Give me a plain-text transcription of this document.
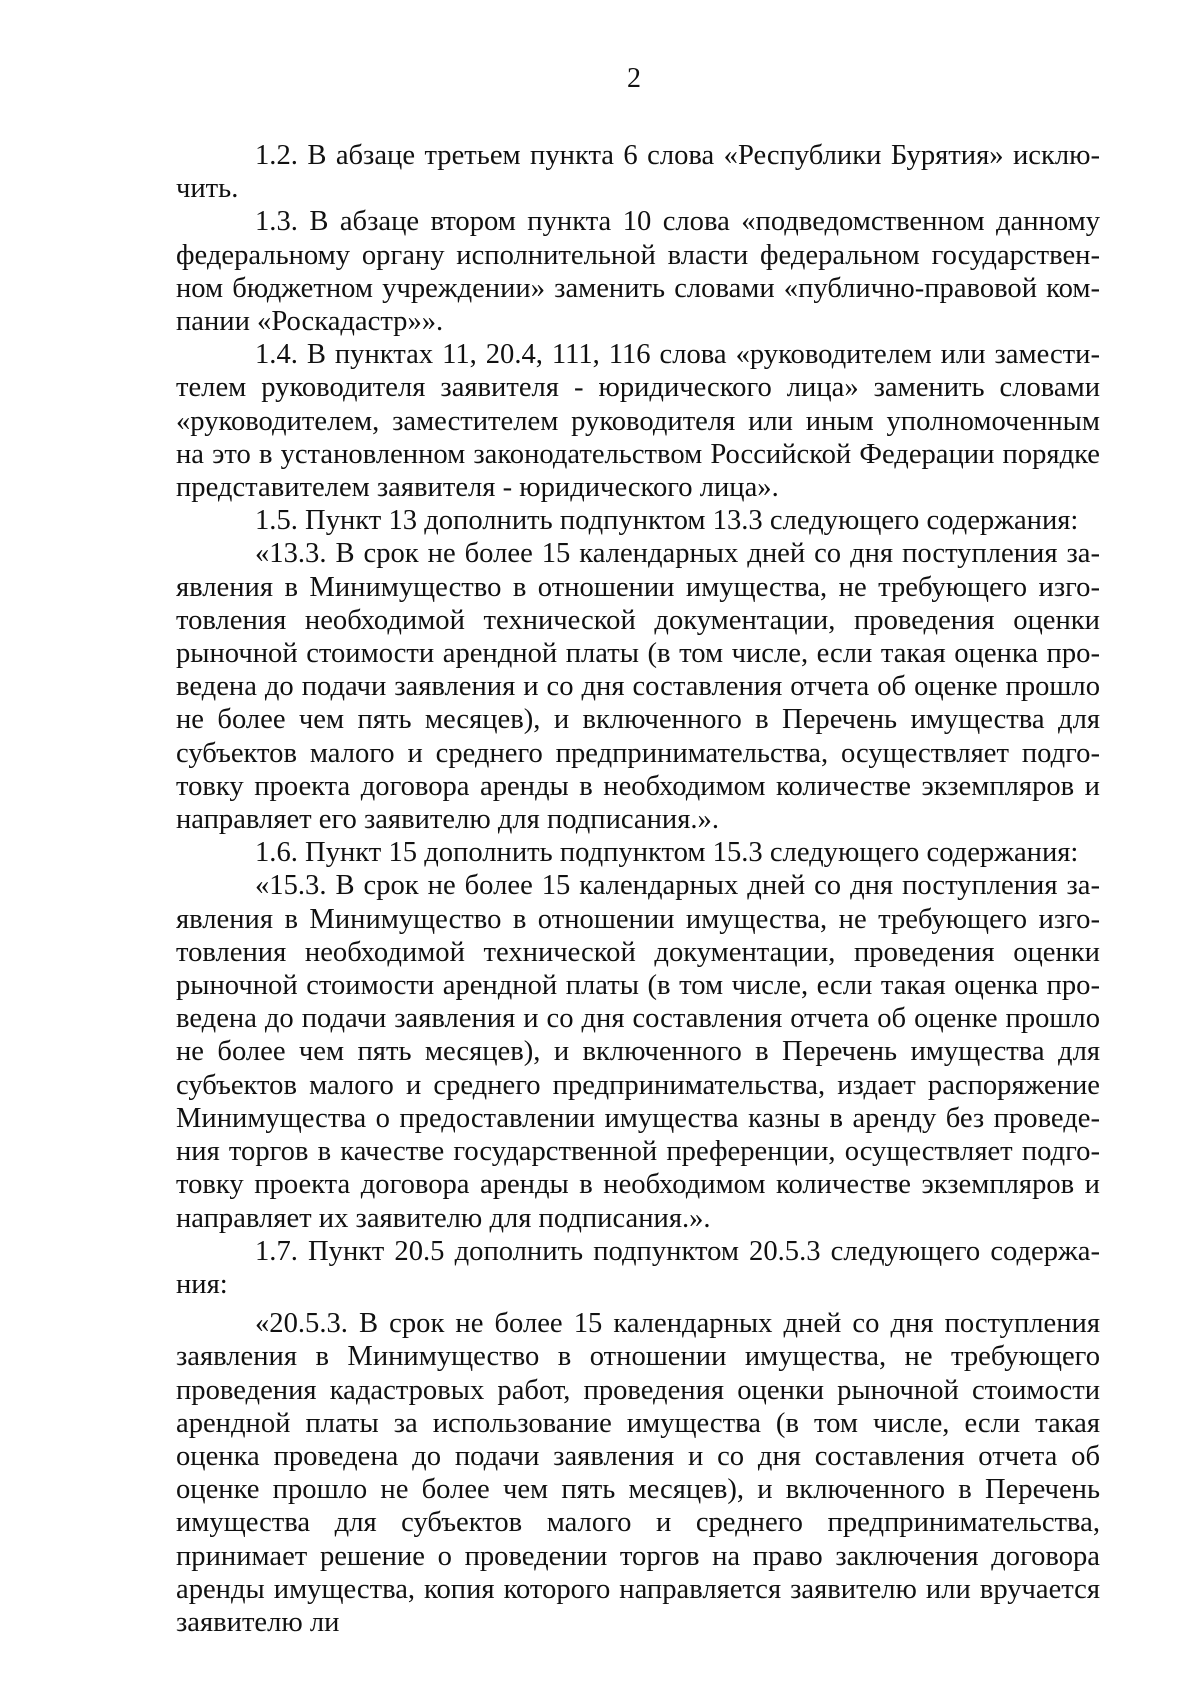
2

1.2. В абзаце третьем пункта 6 слова «Республики Бурятия» исключить.

1.3. В абзаце втором пункта 10 слова «подведомственном данному федеральному органу исполнительной власти федеральном государственном бюджетном учреждении» заменить словами «публично-правовой компании «Роскадастр»».

1.4. В пунктах 11, 20.4, 111, 116 слова «руководителем или заместителем руководителя заявителя - юридического лица» заменить словами «руководителем, заместителем руководителя или иным уполномоченным на это в установленном законодательством Российской Федерации порядке представителем заявителя - юридического лица».

1.5. Пункт 13 дополнить подпунктом 13.3 следующего содержания:

«13.3. В срок не более 15 календарных дней со дня поступления заявления в Минимущество в отношении имущества, не требующего изготовления необходимой технической документации, проведения оценки рыночной стоимости арендной платы (в том числе, если такая оценка проведена до подачи заявления и со дня составления отчета об оценке прошло не более чем пять месяцев), и включенного в Перечень имущества для субъектов малого и среднего предпринимательства, осуществляет подготовку проекта договора аренды в необходимом количестве экземпляров и направляет его заявителю для подписания.».

1.6. Пункт 15 дополнить подпунктом 15.3 следующего содержания:

«15.3. В срок не более 15 календарных дней со дня поступления заявления в Минимущество в отношении имущества, не требующего изготовления необходимой технической документации, проведения оценки рыночной стоимости арендной платы (в том числе, если такая оценка проведена до подачи заявления и со дня составления отчета об оценке прошло не более чем пять месяцев), и включенного в Перечень имущества для субъектов малого и среднего предпринимательства, издает распоряжение Минимущества о предоставлении имущества казны в аренду без проведения торгов в качестве государственной преференции, осуществляет подготовку проекта договора аренды в необходимом количестве экземпляров и направляет их заявителю для подписания.».

1.7. Пункт 20.5 дополнить подпунктом 20.5.3 следующего содержания:

«20.5.3. В срок не более 15 календарных дней со дня поступления заявления в Минимущество в отношении имущества, не требующего проведения кадастровых работ, проведения оценки рыночной стоимости арендной платы за использование имущества (в том числе, если такая оценка проведена до подачи заявления и со дня составления отчета об оценке прошло не более чем пять месяцев), и включенного в Перечень имущества для субъектов малого и среднего предпринимательства, принимает решение о проведении торгов на право заключения договора аренды имущества, копия которого направляется заявителю или вручается заявителю ли
